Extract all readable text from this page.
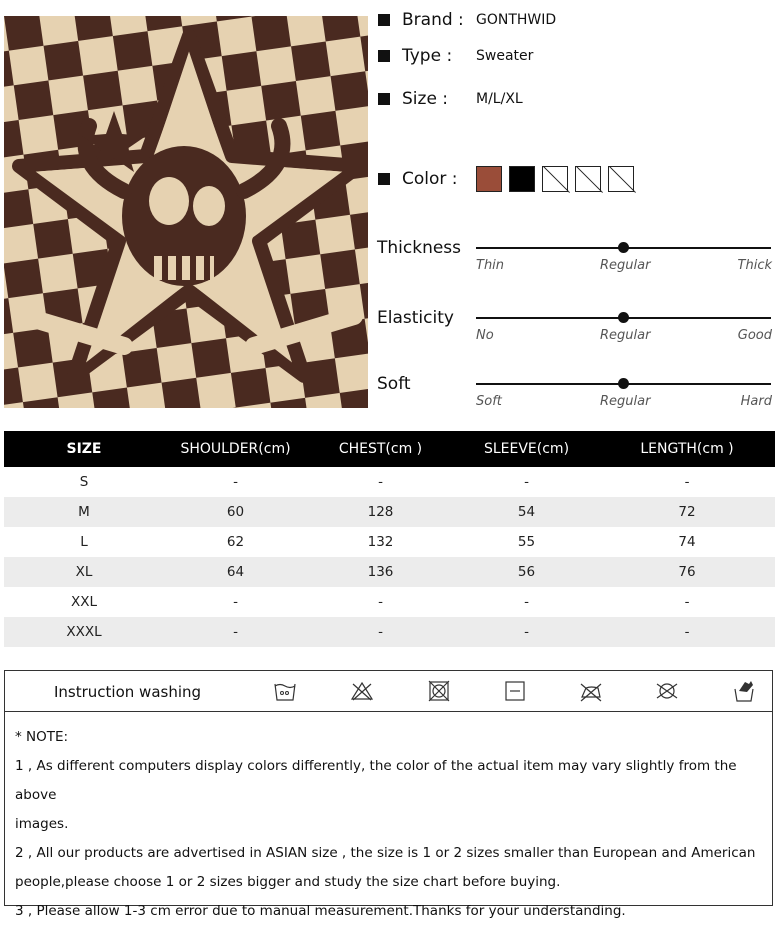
Brand : GONTHWID
Type :	Sweater
Size :	M/L/XL
Color :
Thickness
Thin	Regular	Thick
Elasticity
No	Regular	Good
Soft
Soft	Regular	Hard
SIZE	SHOULDER(cm)	CHEST(cm )	SLEEVE(cm)	LENGTH(cm )
S	-	-	-	-
M	60	128	54	72
L	62	132	55	74
XL	64	136	56	76
XXL	-	-	-	-
XXXL	-	-	-	-
Instruction washing

* NOTE:

1 , As different computers display colors differently, the color of the actual item may vary slightly from the above

images.

2 , All our products are advertised in ASIAN size , the size is 1 or 2 sizes smaller than European and American

people,please choose 1 or 2 sizes bigger and study the size chart before buying.

3 , Please allow 1-3 cm error due to manual measurement.Thanks for your understanding.
